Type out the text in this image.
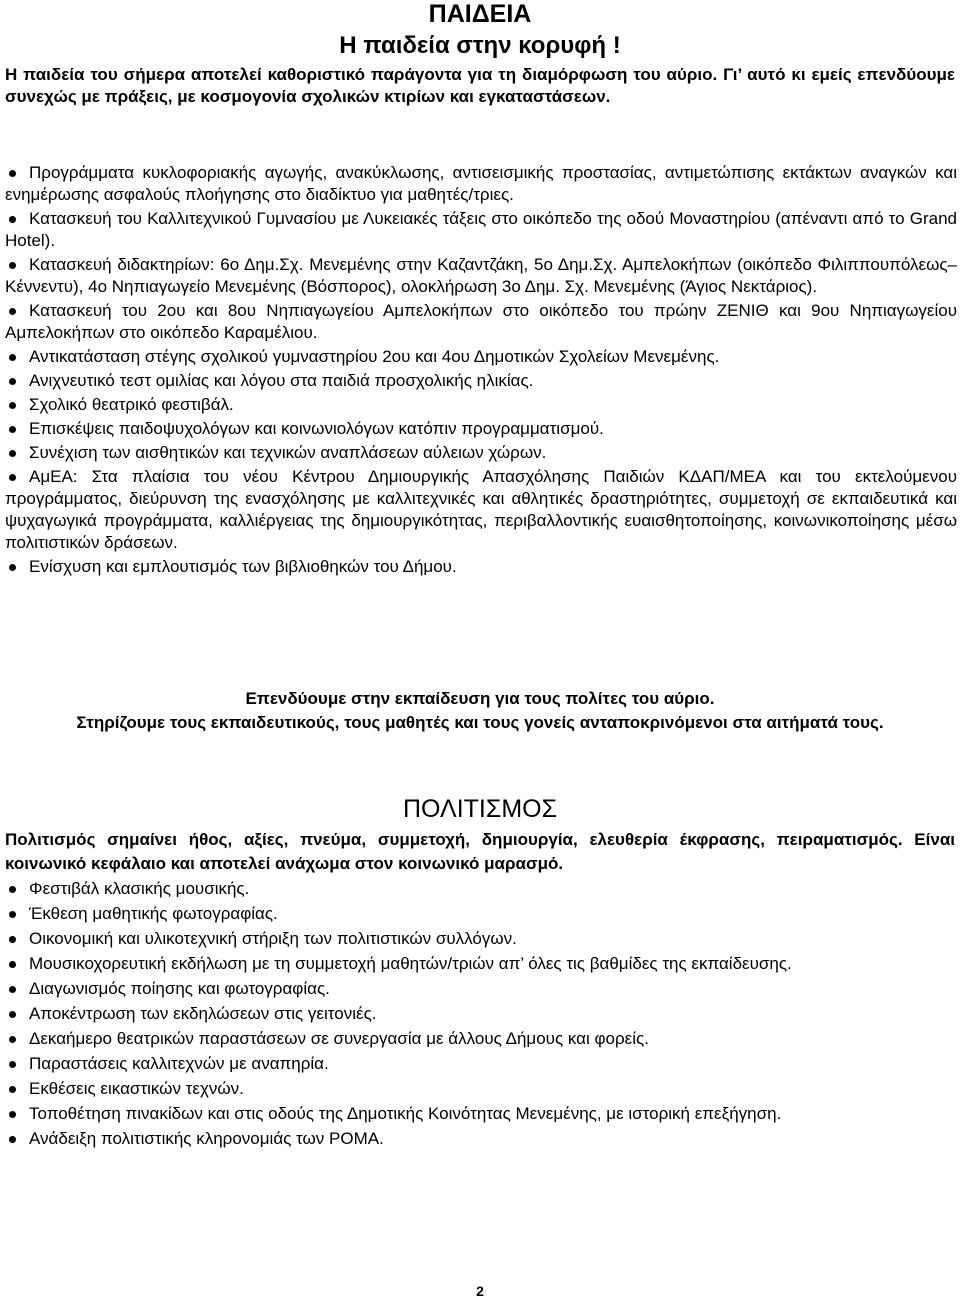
ΠΑΙΔΕΙΑ
Η παιδεία στην κορυφή !
Η παιδεία του σήμερα αποτελεί καθοριστικό παράγοντα για τη διαμόρφωση του αύριο. Γι’ αυτό κι εμείς επενδύουμε συνεχώς με πράξεις, με κοσμογονία σχολικών κτιρίων και εγκαταστάσεων.
Προγράμματα κυκλοφοριακής αγωγής, ανακύκλωσης, αντισεισμικής προστασίας, αντιμετώπισης εκτάκτων αναγκών και ενημέρωσης ασφαλούς πλοήγησης στο διαδίκτυο για μαθητές/τριες.
Κατασκευή του Καλλιτεχνικού Γυμνασίου με Λυκειακές τάξεις στο οικόπεδο της οδού Μοναστηρίου (απέναντι από το Grand Hotel).
Κατασκευή διδακτηρίων: 6ο Δημ.Σχ. Μενεμένης στην Καζαντζάκη, 5ο Δημ.Σχ. Αμπελοκήπων (οικόπεδο Φιλιππουπόλεως–Κέννεντυ), 4ο Νηπιαγωγείο Μενεμένης (Βόσπορος), ολοκλήρωση 3ο Δημ. Σχ. Μενεμένης (Άγιος Νεκτάριος).
Κατασκευή του 2ου και 8ου Νηπιαγωγείου Αμπελοκήπων στο οικόπεδο του πρώην ΖΕΝΙΘ και 9ου Νηπιαγωγείου Αμπελοκήπων στο οικόπεδο Καραμέλιου.
Αντικατάσταση στέγης σχολικού γυμναστηρίου 2ου και 4ου Δημοτικών Σχολείων Μενεμένης.
Ανιχνευτικό τεστ ομιλίας και λόγου στα παιδιά προσχολικής ηλικίας.
Σχολικό θεατρικό φεστιβάλ.
Επισκέψεις παιδοψυχολόγων και κοινωνιολόγων κατόπιν προγραμματισμού.
Συνέχιση των αισθητικών και τεχνικών αναπλάσεων αύλειων χώρων.
ΑμΕΑ: Στα πλαίσια του νέου Κέντρου Δημιουργικής Απασχόλησης Παιδιών ΚΔΑΠ/ΜΕΑ και του εκτελούμενου προγράμματος, διεύρυνση της ενασχόλησης με καλλιτεχνικές και αθλητικές δραστηριότητες, συμμετοχή σε εκπαιδευτικά και ψυχαγωγικά προγράμματα, καλλιέργειας της δημιουργικότητας, περιβαλλοντικής ευαισθητοποίησης, κοινωνικοποίησης μέσω πολιτιστικών δράσεων.
Ενίσχυση και εμπλουτισμός των βιβλιοθηκών του Δήμου.
Επενδύουμε στην εκπαίδευση για τους πολίτες του αύριο.
Στηρίζουμε τους εκπαιδευτικούς, τους μαθητές και τους γονείς ανταποκρινόμενοι στα αιτήματά τους.
ΠΟΛΙΤΙΣΜΟΣ
Πολιτισμός σημαίνει ήθος, αξίες, πνεύμα, συμμετοχή, δημιουργία, ελευθερία έκφρασης, πειραματισμός. Είναι κοινωνικό κεφάλαιο και αποτελεί ανάχωμα στον κοινωνικό μαρασμό.
Φεστιβάλ κλασικής μουσικής.
Έκθεση μαθητικής φωτογραφίας.
Οικονομική και υλικοτεχνική στήριξη των πολιτιστικών συλλόγων.
Μουσικοχορευτική εκδήλωση με τη συμμετοχή μαθητών/τριών απ’ όλες τις βαθμίδες της εκπαίδευσης.
Διαγωνισμός ποίησης και φωτογραφίας.
Αποκέντρωση των εκδηλώσεων στις γειτονιές.
Δεκαήμερο θεατρικών παραστάσεων σε συνεργασία με άλλους Δήμους και φορείς.
Παραστάσεις καλλιτεχνών με αναπηρία.
Εκθέσεις εικαστικών τεχνών.
Τοποθέτηση πινακίδων και στις οδούς της Δημοτικής Κοινότητας Μενεμένης, με ιστορική επεξήγηση.
Ανάδειξη πολιτιστικής κληρονομιάς των ΡΟΜΑ.
2
